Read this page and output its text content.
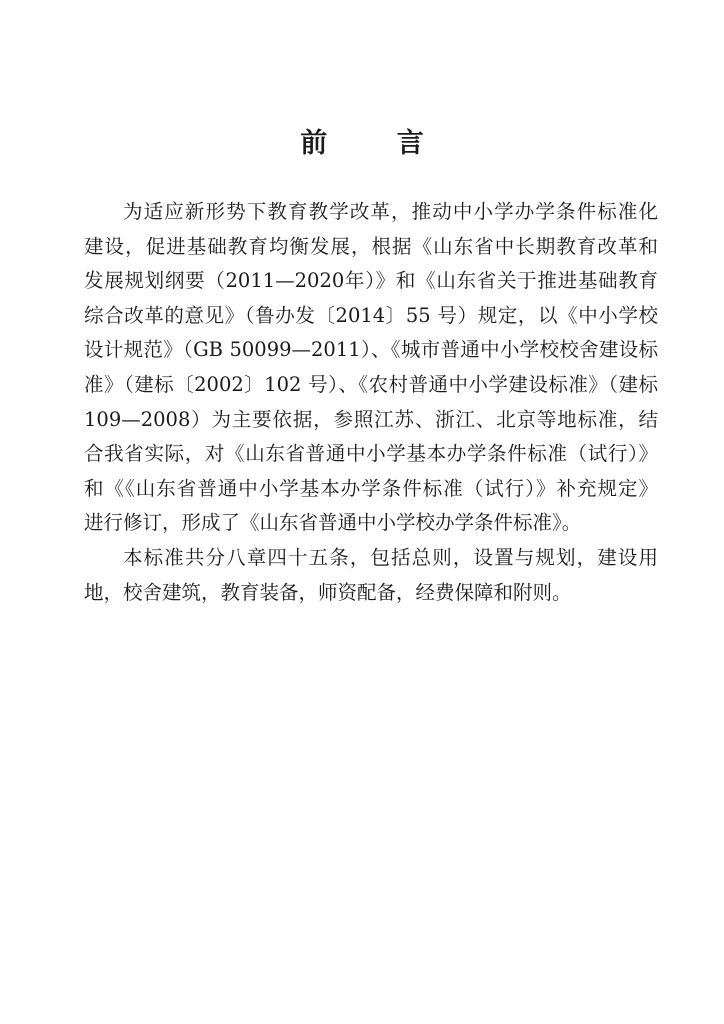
前 言
为适应新形势下教育教学改革，推动中小学办学条件标准化
建设，促进基础教育均衡发展，根据《山东省中长期教育改革和
发展规划纲要（2011—2020年）》和《山东省关于推进基础教育
综合改革的意见》（鲁办发〔2014〕55 号）规定，以《中小学校
设计规范》（GB 50099—2011）、《城市普通中小学校校舍建设标
准》（建标〔2002〕102 号）、《农村普通中小学建设标准》（建标
109—2008）为主要依据，参照江苏、浙江、北京等地标准，结
合我省实际，对《山东省普通中小学基本办学条件标准（试行）》
和《《山东省普通中小学基本办学条件标准（试行）》补充规定》
进行修订，形成了《山东省普通中小学校办学条件标准》。
本标准共分八章四十五条，包括总则，设置与规划，建设用
地，校舍建筑，教育装备，师资配备，经费保障和附则。
